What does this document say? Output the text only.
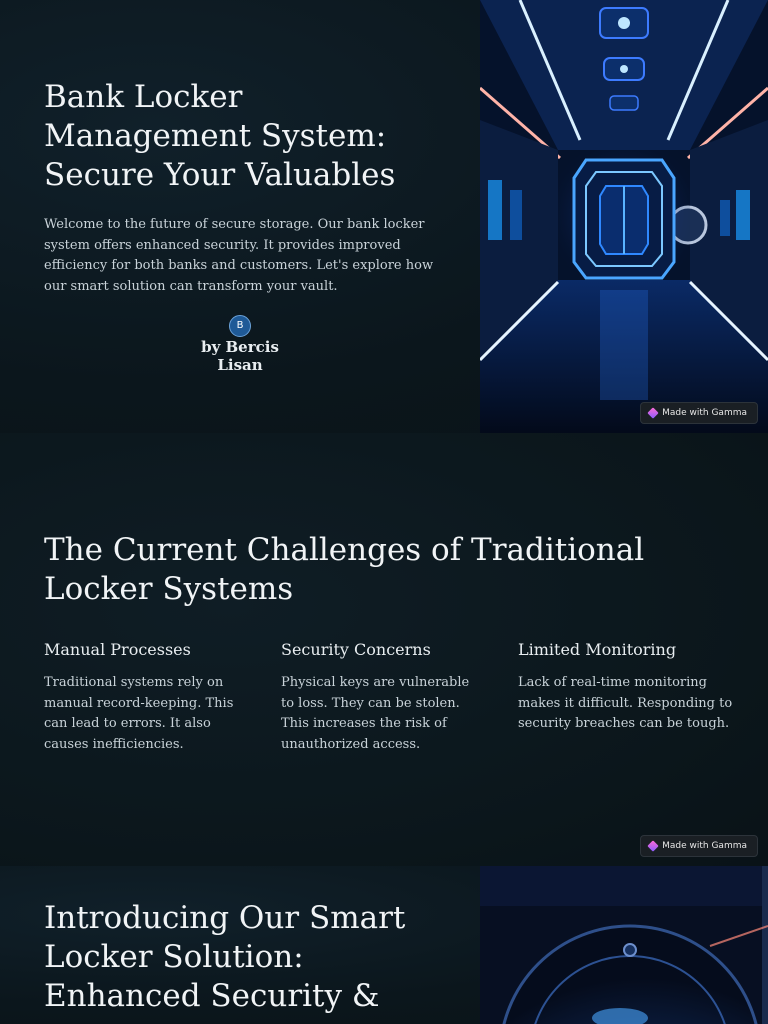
Bank Locker Management System: Secure Your Valuables

Welcome to the future of secure storage. Our bank locker system offers enhanced security. It provides improved efficiency for both banks and customers. Let's explore how our smart solution can transform your vault.

B
by Bercis Lisan
Made with Gamma
The Current Challenges of Traditional Locker Systems
Manual Processes

Traditional systems rely on manual record-keeping. This can lead to errors. It also causes inefficiencies.

Security Concerns

Physical keys are vulnerable to loss. They can be stolen. This increases the risk of unauthorized access.

Limited Monitoring

Lack of real-time monitoring makes it difficult. Responding to security breaches can be tough.

Made with Gamma
Introducing Our Smart Locker Solution: Enhanced Security &
